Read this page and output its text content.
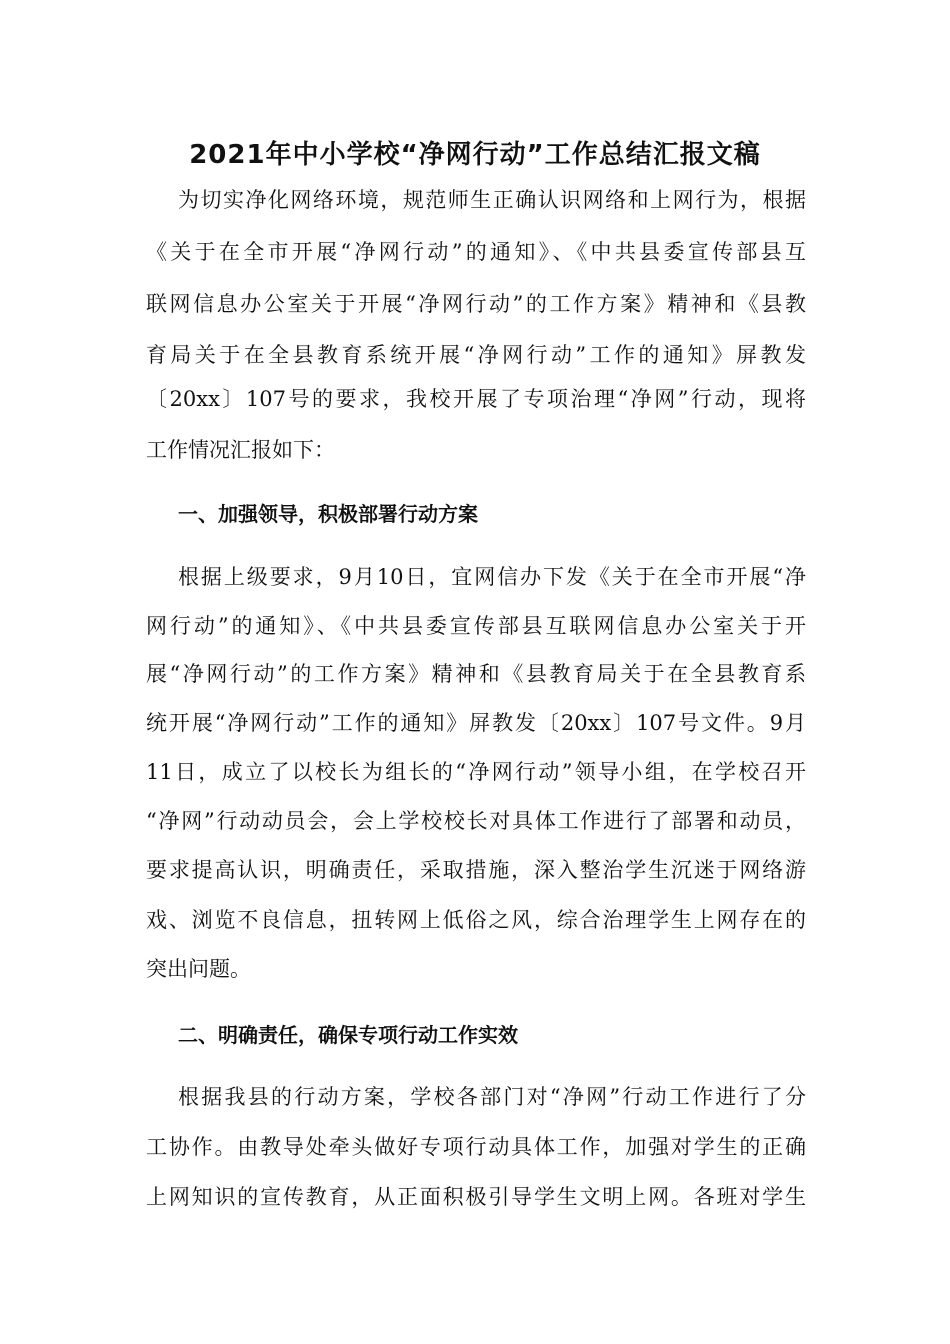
2021年中小学校“净网行动”工作总结汇报文稿
为切实净化网络环境，规范师生正确认识网络和上网行为，根据
《关于在全市开展“净网行动”的通知》、《中共县委宣传部县互
联网信息办公室关于开展“净网行动”的工作方案》精神和《县教
育局关于在全县教育系统开展“净网行动”工作的通知》屏教发
〔20xx〕107号的要求，我校开展了专项治理“净网”行动，现将
工作情况汇报如下：
一、加强领导，积极部署行动方案
根据上级要求，9月10日，宜网信办下发《关于在全市开展“净
网行动”的通知》、《中共县委宣传部县互联网信息办公室关于开
展“净网行动”的工作方案》精神和《县教育局关于在全县教育系
统开展“净网行动”工作的通知》屏教发〔20xx〕107号文件。9月
11日，成立了以校长为组长的“净网行动”领导小组，在学校召开
“净网”行动动员会，会上学校校长对具体工作进行了部署和动员，
要求提高认识，明确责任，采取措施，深入整治学生沉迷于网络游
戏、浏览不良信息，扭转网上低俗之风，综合治理学生上网存在的
突出问题。
二、明确责任，确保专项行动工作实效
根据我县的行动方案，学校各部门对“净网”行动工作进行了分
工协作。由教导处牵头做好专项行动具体工作，加强对学生的正确
上网知识的宣传教育，从正面积极引导学生文明上网。各班对学生
